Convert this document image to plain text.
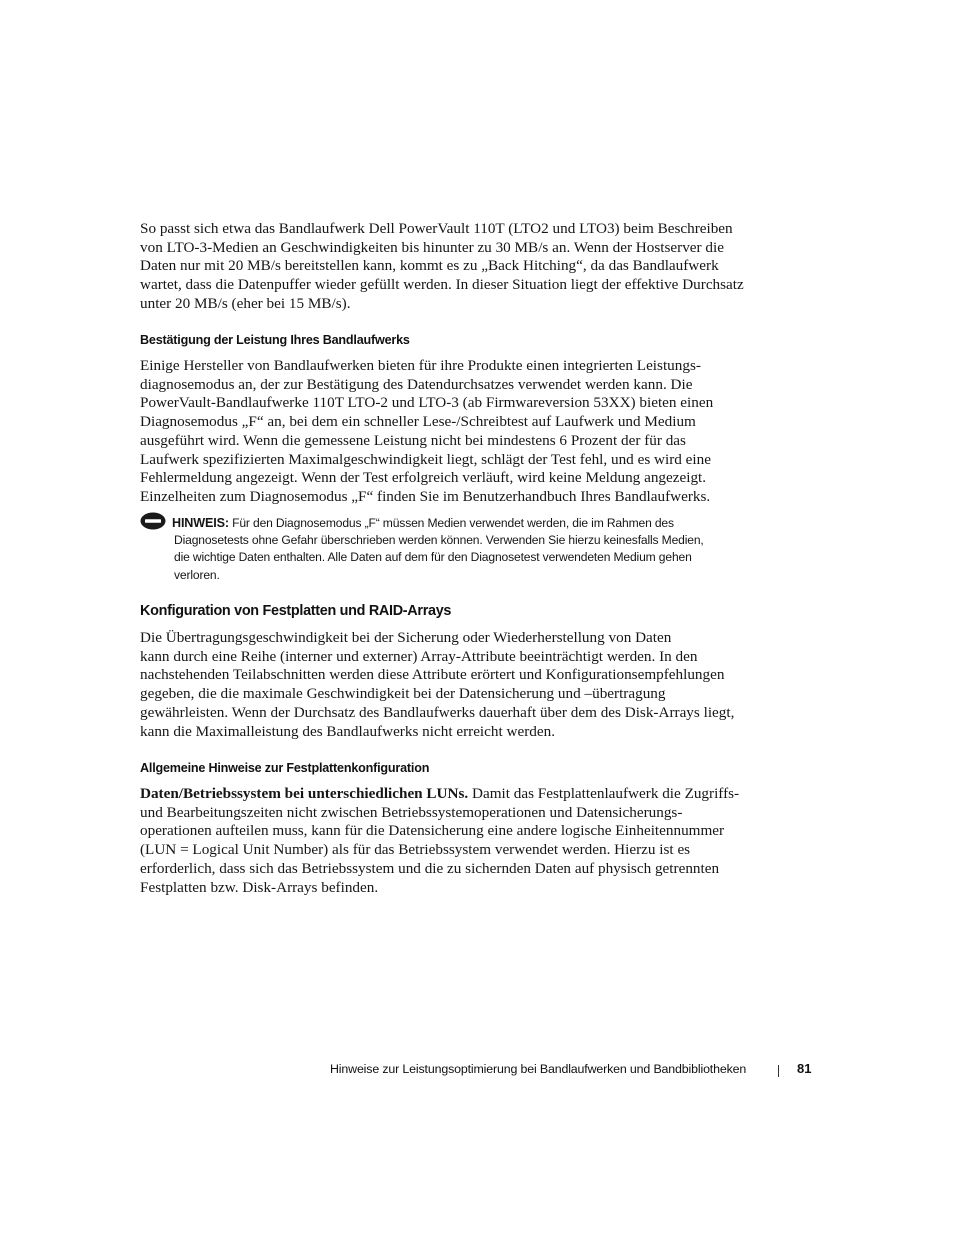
So passt sich etwa das Bandlaufwerk Dell PowerVault 110T (LTO2 und LTO3) beim Beschreiben
von LTO-3-Medien an Geschwindigkeiten bis hinunter zu 30 MB/s an. Wenn der Hostserver die
Daten nur mit 20 MB/s bereitstellen kann, kommt es zu „Back Hitching“, da das Bandlaufwerk
wartet, dass die Datenpuffer wieder gefüllt werden. In dieser Situation liegt der effektive Durchsatz
unter 20 MB/s (eher bei 15 MB/s).
Bestätigung der Leistung Ihres Bandlaufwerks
Einige Hersteller von Bandlaufwerken bieten für ihre Produkte einen integrierten Leistungs-
diagnosemodus an, der zur Bestätigung des Datendurchsatzes verwendet werden kann. Die
PowerVault-Bandlaufwerke 110T LTO-2 und LTO-3 (ab Firmwareversion 53XX) bieten einen
Diagnosemodus „F“ an, bei dem ein schneller Lese-/Schreibtest auf Laufwerk und Medium
ausgeführt wird. Wenn die gemessene Leistung nicht bei mindestens 6 Prozent der für das
Laufwerk spezifizierten Maximalgeschwindigkeit liegt, schlägt der Test fehl, und es wird eine
Fehlermeldung angezeigt. Wenn der Test erfolgreich verläuft, wird keine Meldung angezeigt.
Einzelheiten zum Diagnosemodus „F“ finden Sie im Benutzerhandbuch Ihres Bandlaufwerks.
HINWEIS: Für den Diagnosemodus „F“ müssen Medien verwendet werden, die im Rahmen des
Diagnosetests ohne Gefahr überschrieben werden können. Verwenden Sie hierzu keinesfalls Medien,
die wichtige Daten enthalten. Alle Daten auf dem für den Diagnosetest verwendeten Medium gehen
verloren.
Konfiguration von Festplatten und RAID-Arrays
Die Übertragungsgeschwindigkeit bei der Sicherung oder Wiederherstellung von Daten
kann durch eine Reihe (interner und externer) Array-Attribute beeinträchtigt werden. In den
nachstehenden Teilabschnitten werden diese Attribute erörtert und Konfigurationsempfehlungen
gegeben, die die maximale Geschwindigkeit bei der Datensicherung und –übertragung
gewährleisten. Wenn der Durchsatz des Bandlaufwerks dauerhaft über dem des Disk-Arrays liegt,
kann die Maximalleistung des Bandlaufwerks nicht erreicht werden.
Allgemeine Hinweise zur Festplattenkonfiguration
Daten/Betriebssystem bei unterschiedlichen LUNs. Damit das Festplattenlaufwerk die Zugriffs-
und Bearbeitungszeiten nicht zwischen Betriebssystemoperationen und Datensicherungs-
operationen aufteilen muss, kann für die Datensicherung eine andere logische Einheitennummer
(LUN = Logical Unit Number) als für das Betriebssystem verwendet werden. Hierzu ist es
erforderlich, dass sich das Betriebssystem und die zu sichernden Daten auf physisch getrennten
Festplatten bzw. Disk-Arrays befinden.
Hinweise zur Leistungsoptimierung bei Bandlaufwerken und Bandbibliotheken	81
